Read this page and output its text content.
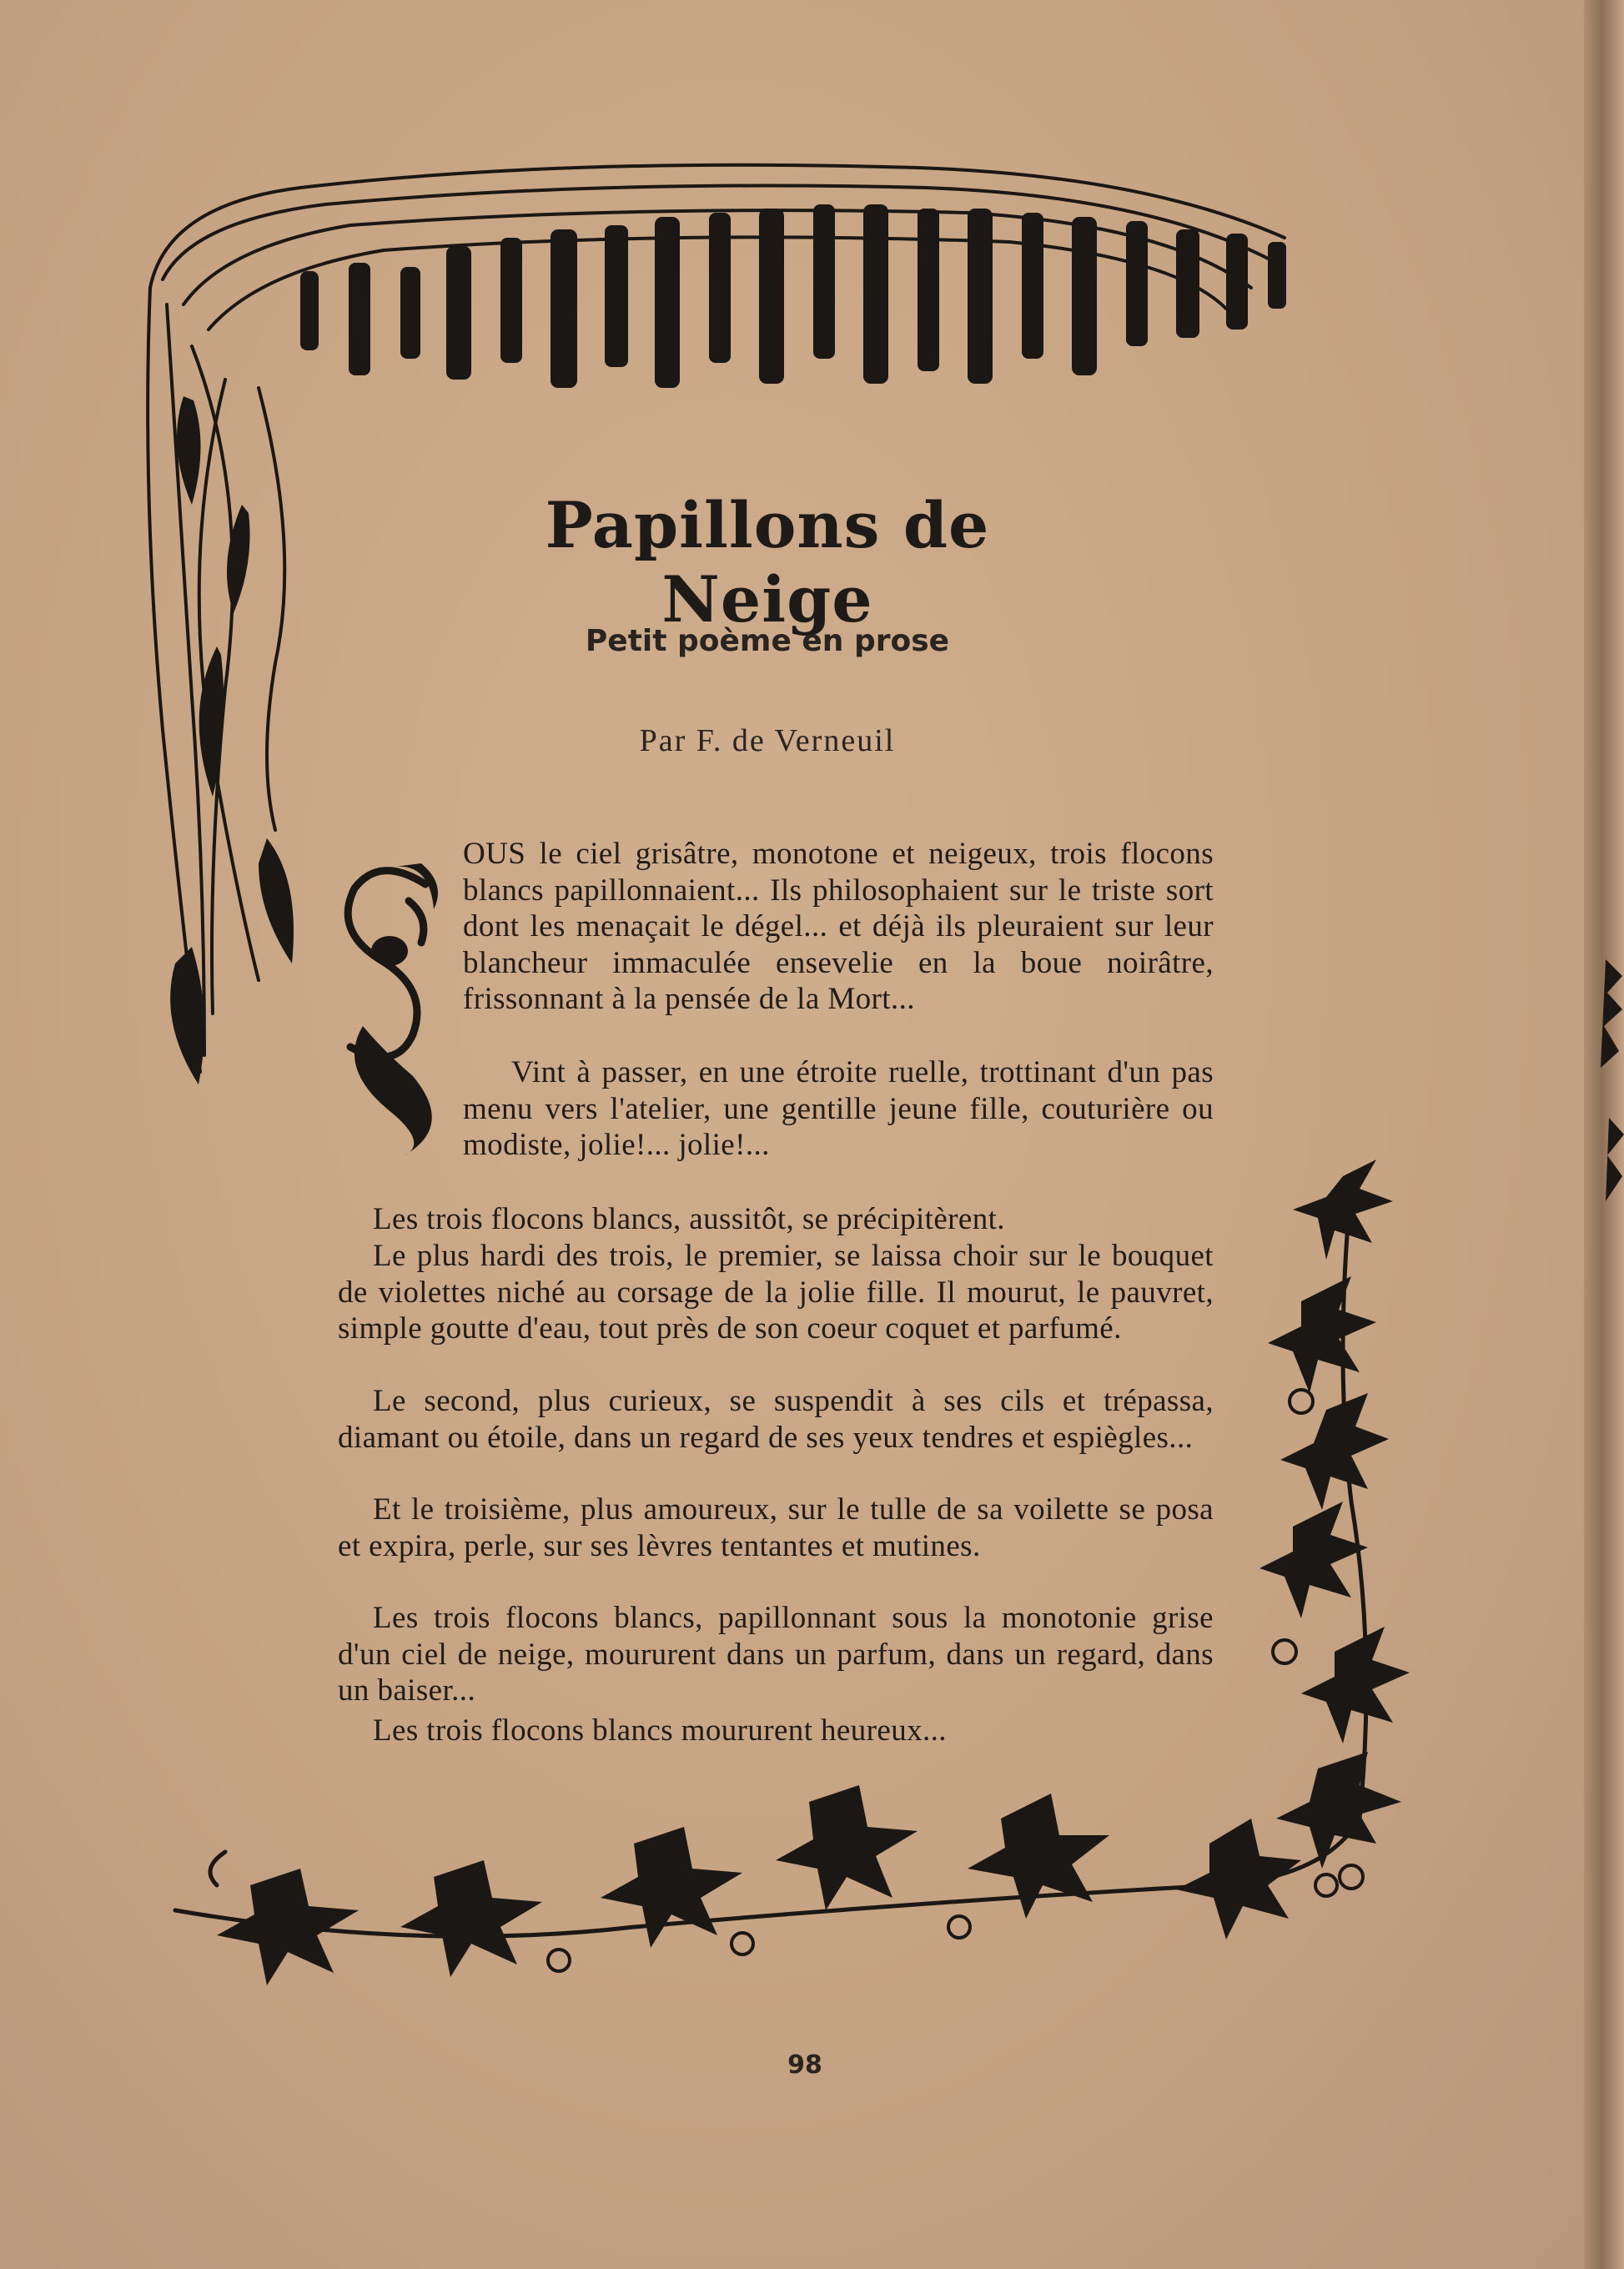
Papillons de Neige

Petit poème en prose

Par F. de Verneuil

OUS le ciel grisâtre, monotone et neigeux, trois flocons blancs papillonnaient... Ils philosophaient sur le triste sort dont les menaçait le dégel... et déjà ils pleuraient sur leur blancheur immaculée ensevelie en la boue noirâtre, frissonnant à la pensée de la Mort...

Vint à passer, en une étroite ruelle, trottinant d'un pas menu vers l'atelier, une gentille jeune fille, couturière ou modiste, jolie!... jolie!...

Les trois flocons blancs, aussitôt, se précipitèrent.

Le plus hardi des trois, le premier, se laissa choir sur le bouquet de violettes niché au corsage de la jolie fille. Il mourut, le pauvret, simple goutte d'eau, tout près de son coeur coquet et parfumé.

Le second, plus curieux, se suspendit à ses cils et trépassa, diamant ou étoile, dans un regard de ses yeux tendres et espiègles...

Et le troisième, plus amoureux, sur le tulle de sa voilette se posa et expira, perle, sur ses lèvres tentantes et mutines.

Les trois flocons blancs, papillonnant sous la monotonie grise d'un ciel de neige, moururent dans un parfum, dans un regard, dans un baiser...

Les trois flocons blancs moururent heureux...

98
